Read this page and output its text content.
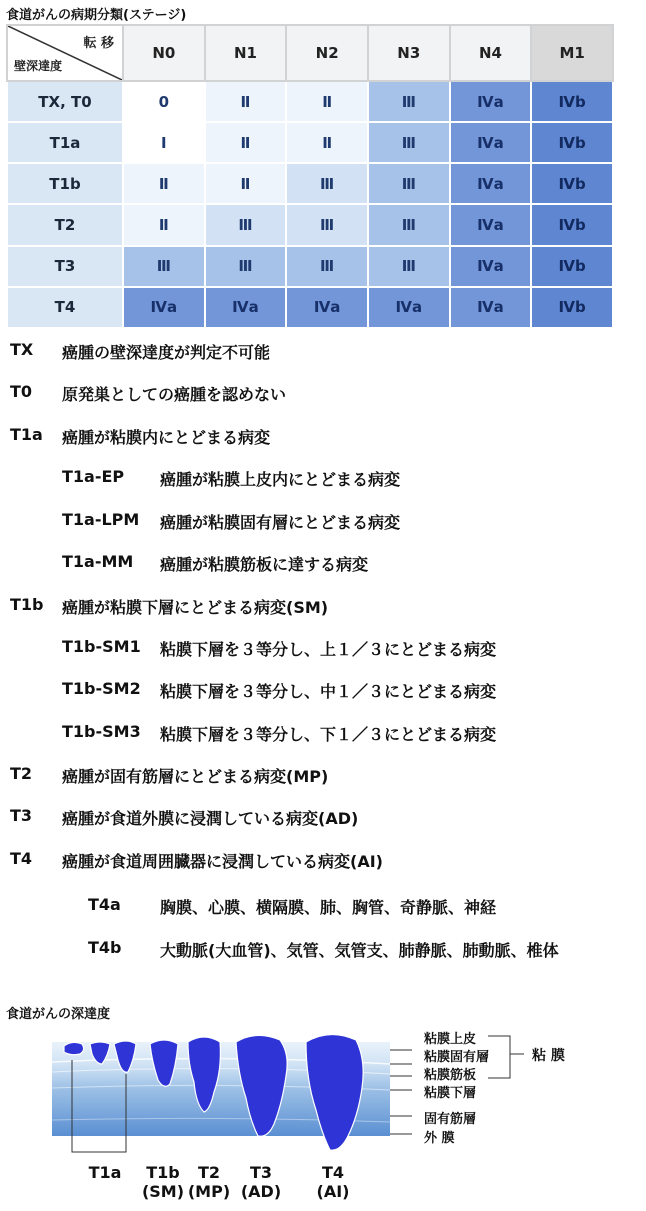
食道がんの病期分類(ステージ)
転 移
壁深達度	N0	N1	N2	N3	N4	M1
TX, T0	0	Ⅱ	Ⅱ	Ⅲ	Ⅳa	Ⅳb
T1a	Ⅰ	Ⅱ	Ⅱ	Ⅲ	Ⅳa	Ⅳb
T1b	Ⅱ	Ⅱ	Ⅲ	Ⅲ	Ⅳa	Ⅳb
T2	Ⅱ	Ⅲ	Ⅲ	Ⅲ	Ⅳa	Ⅳb
T3	Ⅲ	Ⅲ	Ⅲ	Ⅲ	Ⅳa	Ⅳb
T4	Ⅳa	Ⅳa	Ⅳa	Ⅳa	Ⅳa	Ⅳb
TX 癌腫の壁深達度が判定不可能
T0 原発巣としての癌腫を認めない
T1a 癌腫が粘膜内にとどまる病変
T1a-EP 癌腫が粘膜上皮内にとどまる病変
T1a-LPM 癌腫が粘膜固有層にとどまる病変
T1a-MM 癌腫が粘膜筋板に達する病変
T1b 癌腫が粘膜下層にとどまる病変(SM)
T1b-SM1 粘膜下層を３等分し、上１／３にとどまる病変
T1b-SM2 粘膜下層を３等分し、中１／３にとどまる病変
T1b-SM3 粘膜下層を３等分し、下１／３にとどまる病変
T2 癌腫が固有筋層にとどまる病変(MP)
T3 癌腫が食道外膜に浸潤している病変(AD)
T4 癌腫が食道周囲臓器に浸潤している病変(AI)
T4a 胸膜、心膜、横隔膜、肺、胸管、奇静脈、神経
T4b 大動脈(大血管)、気管、気管支、肺静脈、肺動脈、椎体
食道がんの深達度
粘膜上皮
粘膜固有層
粘膜筋板
粘膜下層
固有筋層
外 膜
粘 膜
T1a	T1b
(SM)
T2
(MP)
T3
(AD)
T4
(AI)
